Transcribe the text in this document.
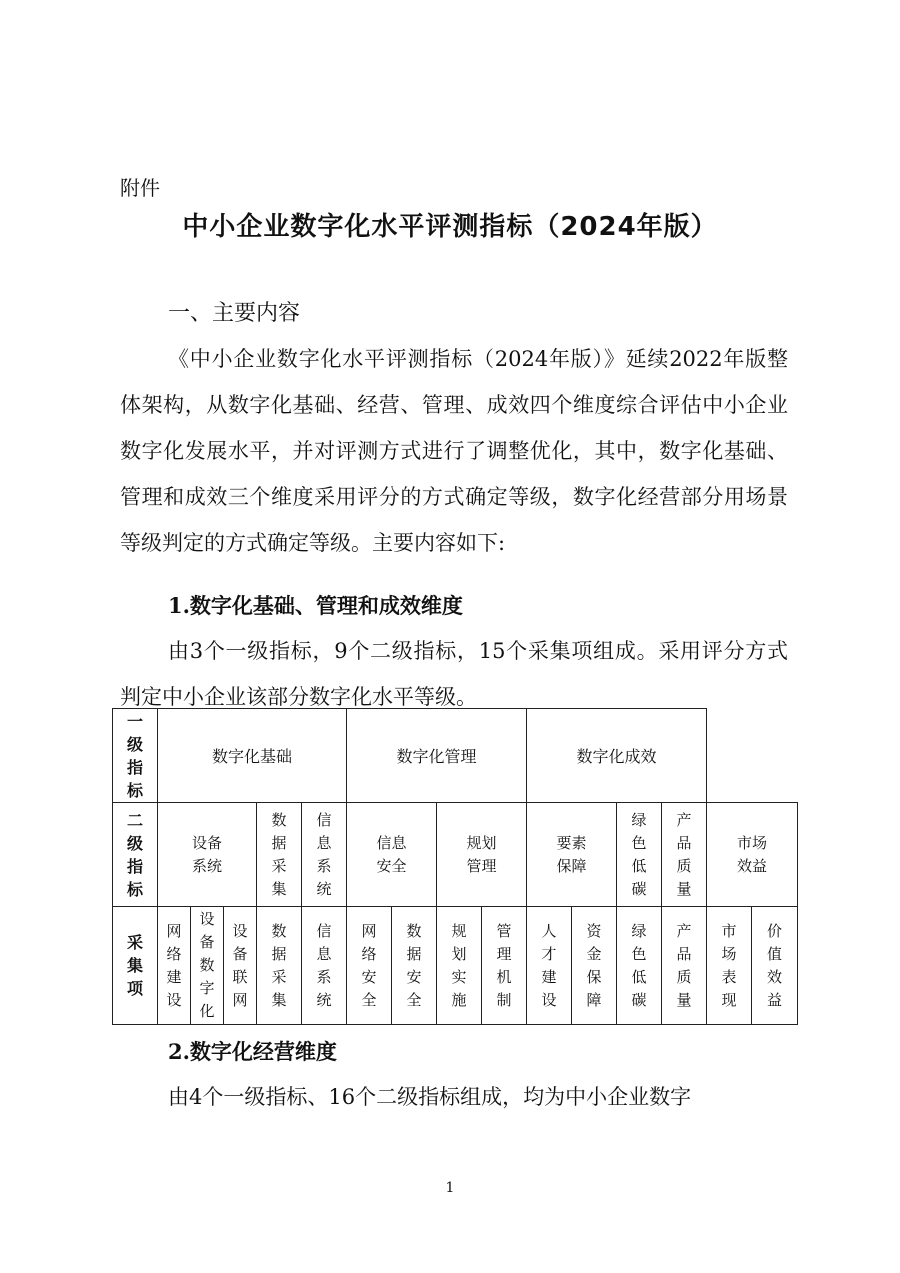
附件
中小企业数字化水平评测指标（2024年版）
一、主要内容
《中小企业数字化水平评测指标（2024年版）》延续2022年版整体架构，从数字化基础、经营、管理、成效四个维度综合评估中小企业数字化发展水平，并对评测方式进行了调整优化，其中，数字化基础、管理和成效三个维度采用评分的方式确定等级，数字化经营部分用场景等级判定的方式确定等级。主要内容如下:
1.数字化基础、管理和成效维度
由3个一级指标，9个二级指标，15个采集项组成。采用评分方式判定中小企业该部分数字化水平等级。
一级指标	数字化基础					数字化管理				数字化成效					
二级指标	设备系统			数据采集	信息系统	信息安全		规划管理		要素保障		绿色低碳	产品质量	市场效益	
采集项	网络建设	设备数字化	设备联网	数据采集	信息系统	网络安全	数据安全	规划实施	管理机制	人才建设	资金保障	绿色低碳	产品质量	市场表现	价值效益
2.数字化经营维度
由4个一级指标、16个二级指标组成，均为中小企业数字
1
